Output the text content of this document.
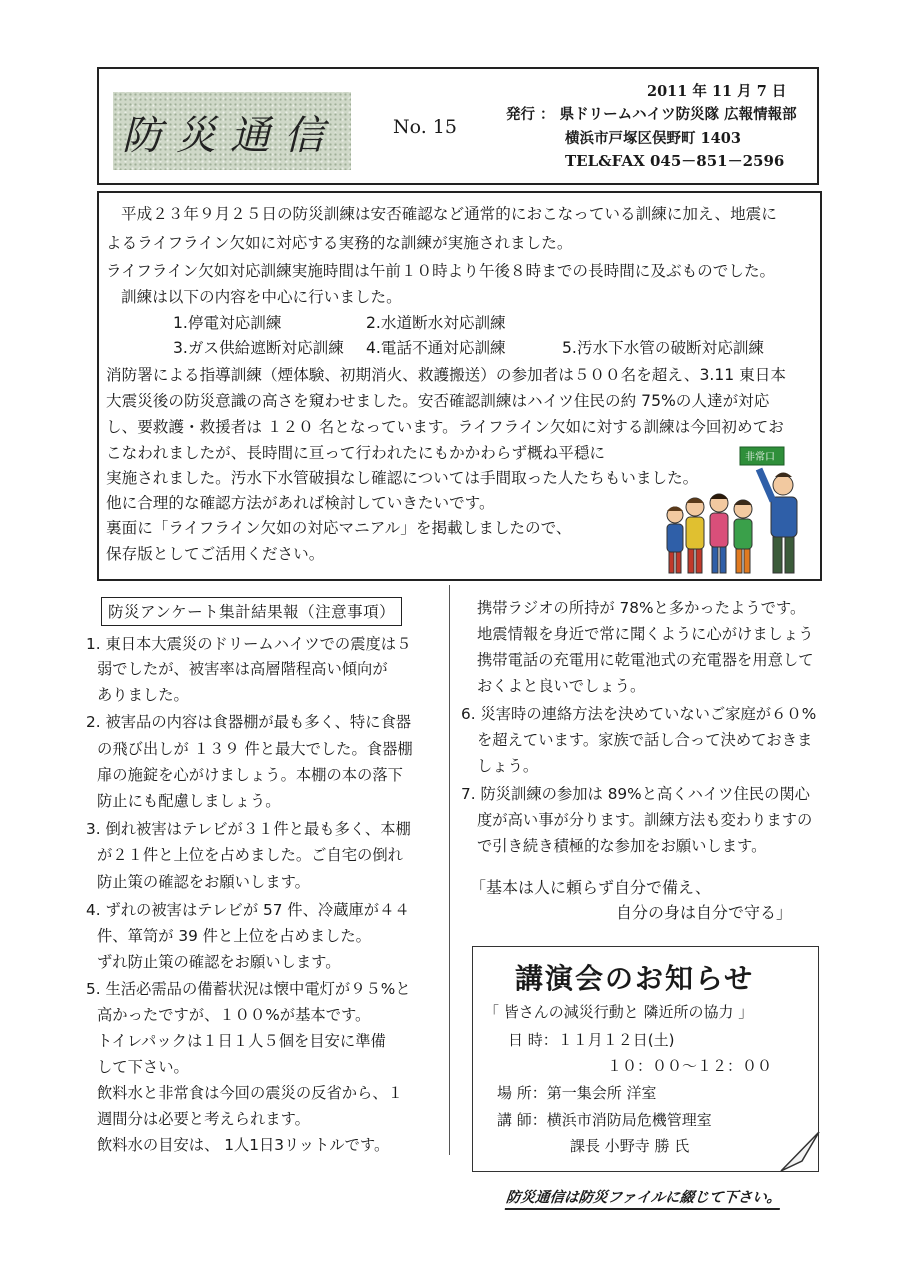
防災通信	No. 15
2011 年 11 月 7 日
発行 ： 県ドリームハイツ防災隊 広報情報部
横浜市戸塚区俣野町 1403
TEL&FAX 045－851－2596
平成２３年９月２５日の防災訓練は安否確認など通常的におこなっている訓練に加え、地震に
よるライフライン欠如に対応する実務的な訓練が実施されました。
ライフライン欠如対応訓練実施時間は午前１０時より午後８時までの長時間に及ぶものでした。
訓練は以下の内容を中心に行いました。
1.停電対応訓練	2.水道断水対応訓練
3.ガス供給遮断対応訓練 4.電話不通対応訓練	5.汚水下水管の破断対応訓練
消防署による指導訓練（煙体験、初期消火、救護搬送）の参加者は５００名を超え、3.11 東日本
大震災後の防災意識の高さを窺わせました。安否確認訓練はハイツ住民の約 75%の人達が対応
し、要救護・救援者は １２０ 名となっています。ライフライン欠如に対する訓練は今回初めてお
こなわれましたが、長時間に亘って行われたにもかかわらず概ね平穏に
実施されました。汚水下水管破損なし確認については手間取った人たちもいました。
他に合理的な確認方法があれば検討していきたいです。
裏面に「ライフライン欠如の対応マニアル」を掲載しましたので、
保存版としてご活用ください。
非常口
防災アンケート集計結果報（注意事項）
1. 東日本大震災のドリームハイツでの震度は５
弱でしたが、被害率は高層階程高い傾向が
ありました。
2. 被害品の内容は食器棚が最も多く、特に食器
の飛び出しが １３９ 件と最大でした。食器棚
扉の施錠を心がけましょう。本棚の本の落下
防止にも配慮しましょう。
3. 倒れ被害はテレビが３１件と最も多く、本棚
が２１件と上位を占めました。ご自宅の倒れ
防止策の確認をお願いします。
4. ずれの被害はテレビが 57 件、冷蔵庫が４４
件、箪笥が 39 件と上位を占めました。
ずれ防止策の確認をお願いします。
5. 生活必需品の備蓄状況は懐中電灯が９５%と
高かったですが、１００%が基本です。
トイレパックは１日１人５個を目安に準備
して下さい。
飲料水と非常食は今回の震災の反省から、１
週間分は必要と考えられます。
飲料水の目安は、 1人1日3リットルです。
携帯ラジオの所持が 78%と多かったようです。
地震情報を身近で常に聞くように心がけましょう
携帯電話の充電用に乾電池式の充電器を用意して
おくよと良いでしょう。
6. 災害時の連絡方法を決めていないご家庭が６０%
を超えています。家族で話し合って決めておきま
しょう。
7. 防災訓練の参加は 89%と高くハイツ住民の関心
度が高い事が分ります。訓練方法も変わりますの
で引き続き積極的な参加をお願いします。
「基本は人に頼らず自分で備え、
自分の身は自分で守る」
講演会のお知らせ
「 皆さんの減災行動と 隣近所の協力 」
日 時：１１月１２日(土)
１０：００～１２：００
場 所：第一集会所 洋室
講 師：横浜市消防局危機管理室
課長 小野寺 勝 氏
防災通信は防災ファイルに綴じて下さい。
